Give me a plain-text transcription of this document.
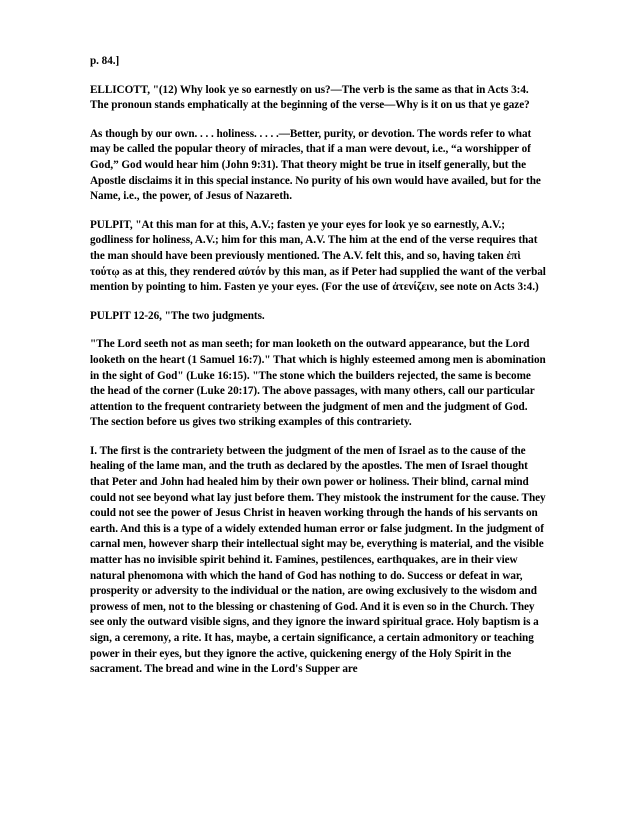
p. 84.]

ELLICOTT, "(12) Why look ye so earnestly on us?—The verb is the same as that in Acts 3:4. The pronoun stands emphatically at the beginning of the verse—Why is it on us that ye gaze?

As though by our own. . . . holiness. . . . .—Better, purity, or devotion. The words refer to what may be called the popular theory of miracles, that if a man were devout, i.e., “a worshipper of God,” God would hear him (John 9:31). That theory might be true in itself generally, but the Apostle disclaims it in this special instance. No purity of his own would have availed, but for the Name, i.e., the power, of Jesus of Nazareth.

PULPIT, "At this man for at this, A.V.; fasten ye your eyes for look ye so earnestly, A.V.; godliness for holiness, A.V.; him for this man, A.V. The him at the end of the verse requires that the man should have been previously mentioned. The A.V. felt this, and so, having taken ἐπὶ τούτῳ as at this, they rendered αὐτόν by this man, as if Peter had supplied the want of the verbal mention by pointing to him. Fasten ye your eyes. (For the use of ἀτενίζειν, see note on Acts 3:4.)

PULPIT 12-26, "The two judgments.

"The Lord seeth not as man seeth; for man looketh on the outward appearance, but the Lord looketh on the heart (1 Samuel 16:7)." That which is highly esteemed among men is abomination in the sight of God" (Luke 16:15). "The stone which the builders rejected, the same is become the head of the corner (Luke 20:17). The above passages, with many others, call our particular attention to the frequent contrariety between the judgment of men and the judgment of God. The section before us gives two striking examples of this contrariety.

I. The first is the contrariety between the judgment of the men of Israel as to the cause of the healing of the lame man, and the truth as declared by the apostles. The men of Israel thought that Peter and John had healed him by their own power or holiness. Their blind, carnal mind could not see beyond what lay just before them. They mistook the instrument for the cause. They could not see the power of Jesus Christ in heaven working through the hands of his servants on earth. And this is a type of a widely extended human error or false judgment. In the judgment of carnal men, however sharp their intellectual sight may be, everything is material, and the visible matter has no invisible spirit behind it. Famines, pestilences, earthquakes, are in their view natural phenomona with which the hand of God has nothing to do. Success or defeat in war, prosperity or adversity to the individual or the nation, are owing exclusively to the wisdom and prowess of men, not to the blessing or chastening of God. And it is even so in the Church. They see only the outward visible signs, and they ignore the inward spiritual grace. Holy baptism is a sign, a ceremony, a rite. It has, maybe, a certain significance, a certain admonitory or teaching power in their eyes, but they ignore the active, quickening energy of the Holy Spirit in the sacrament. The bread and wine in the Lord's Supper are
